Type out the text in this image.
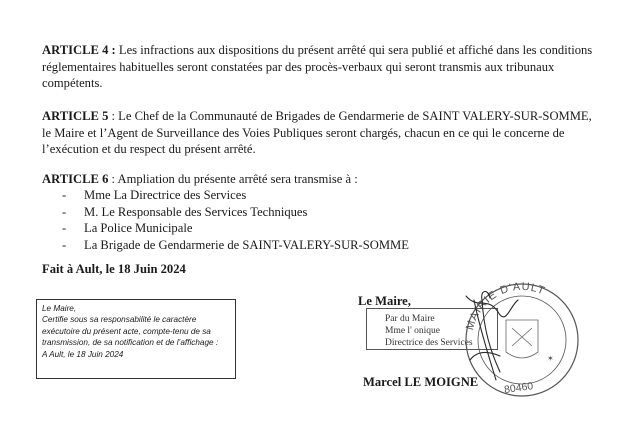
ARTICLE 4 : Les infractions aux dispositions du présent arrêté qui sera publié et affiché dans les conditions réglementaires habituelles seront constatées par des procès-verbaux qui seront transmis aux tribunaux compétents.

ARTICLE 5 : Le Chef de la Communauté de Brigades de Gendarmerie de SAINT VALERY-SUR-SOMME, le Maire et l’Agent de Surveillance des Voies Publiques seront chargés, chacun en ce qui le concerne de l’exécution et du respect du présent arrêté.

ARTICLE 6 : Ampliation du présente arrêté sera transmise à :

- Mme La Directrice des Services
- M. Le Responsable des Services Techniques
- La Police Municipale
- La Brigade de Gendarmerie de SAINT-VALERY-SUR-SOMME

Fait à Ault, le 18 Juin 2024

Le Maire,

Certifie sous sa responsabilité le caractère exécutoire du présent acte, compte-tenu de sa transmission, de sa notification et de l’affichage :

A Ault, le 18 Juin 2024

Le Maire,
Par du Maire
Mme l' onique
Directrice des Services
Marcel LE MOIGNE
MAIRIE D'AULT
80460
✶
